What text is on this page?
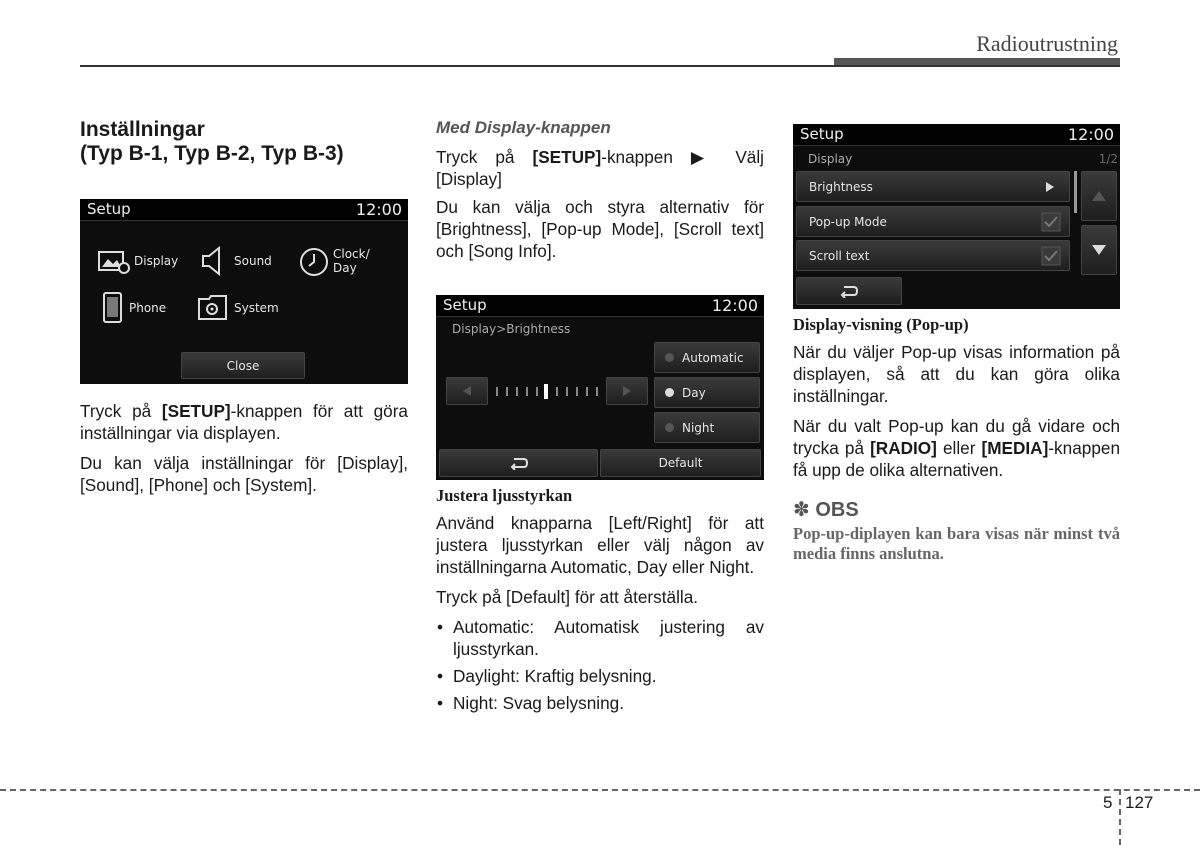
Radioutrustning
Inställningar
(Typ B-1, Typ B-2, Typ B-3)
Setup	12:00
Display	Sound	Clock/
Day
Phone	System
Close

Tryck på [SETUP]-knappen för att göra inställningar via displayen.

Du kan välja inställningar för [Display], [Sound], [Phone] och [System].

Med Display-knappen

Tryck på [SETUP]-knappen ▶ Välj [Display]

Du kan välja och styra alternativ för [Brightness], [Pop-up Mode], [Scroll text] och [Song Info].

Setup	12:00
Display>Brightness
Automatic
Day
Night
Default
Justera ljusstyrkan

Använd knapparna [Left/Right] för att justera ljusstyrkan eller välj någon av inställningarna Automatic, Day eller Night.

Tryck på [Default] för att återställa.

• Automatic: Automatisk justering av ljusstyrkan.
• Daylight: Kraftig belysning.
• Night: Svag belysning.
Setup	12:00
Display	1/2
Brightness
Pop-up Mode
Scroll text
Display-visning (Pop-up)

När du väljer Pop-up visas information på displayen, så att du kan göra olika inställningar.

När du valt Pop-up kan du gå vidare och trycka på [RADIO] eller [MEDIA]-knappen få upp de olika alternativen.

✽ OBS
Pop-up-diplayen kan bara visas när minst två media finns anslutna.
5 127
